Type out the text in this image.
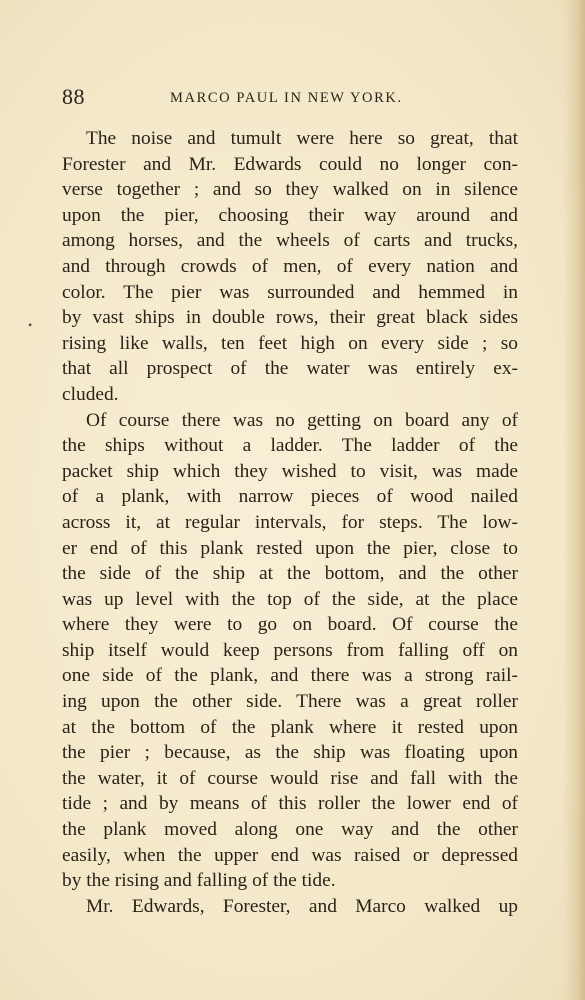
88	MARCO PAUL IN NEW YORK.
•
The noise and tumult were here so great, that
Forester and Mr. Edwards could no longer con-
verse together ; and so they walked on in silence
upon the pier, choosing their way around and
among horses, and the wheels of carts and trucks,
and through crowds of men, of every nation and
color. The pier was surrounded and hemmed in
by vast ships in double rows, their great black sides
rising like walls, ten feet high on every side ; so
that all prospect of the water was entirely ex-
cluded.
Of course there was no getting on board any of
the ships without a ladder. The ladder of the
packet ship which they wished to visit, was made
of a plank, with narrow pieces of wood nailed
across it, at regular intervals, for steps. The low-
er end of this plank rested upon the pier, close to
the side of the ship at the bottom, and the other
was up level with the top of the side, at the place
where they were to go on board. Of course the
ship itself would keep persons from falling off on
one side of the plank, and there was a strong rail-
ing upon the other side. There was a great roller
at the bottom of the plank where it rested upon
the pier ; because, as the ship was floating upon
the water, it of course would rise and fall with the
tide ; and by means of this roller the lower end of
the plank moved along one way and the other
easily, when the upper end was raised or depressed
by the rising and falling of the tide.
Mr. Edwards, Forester, and Marco walked up
